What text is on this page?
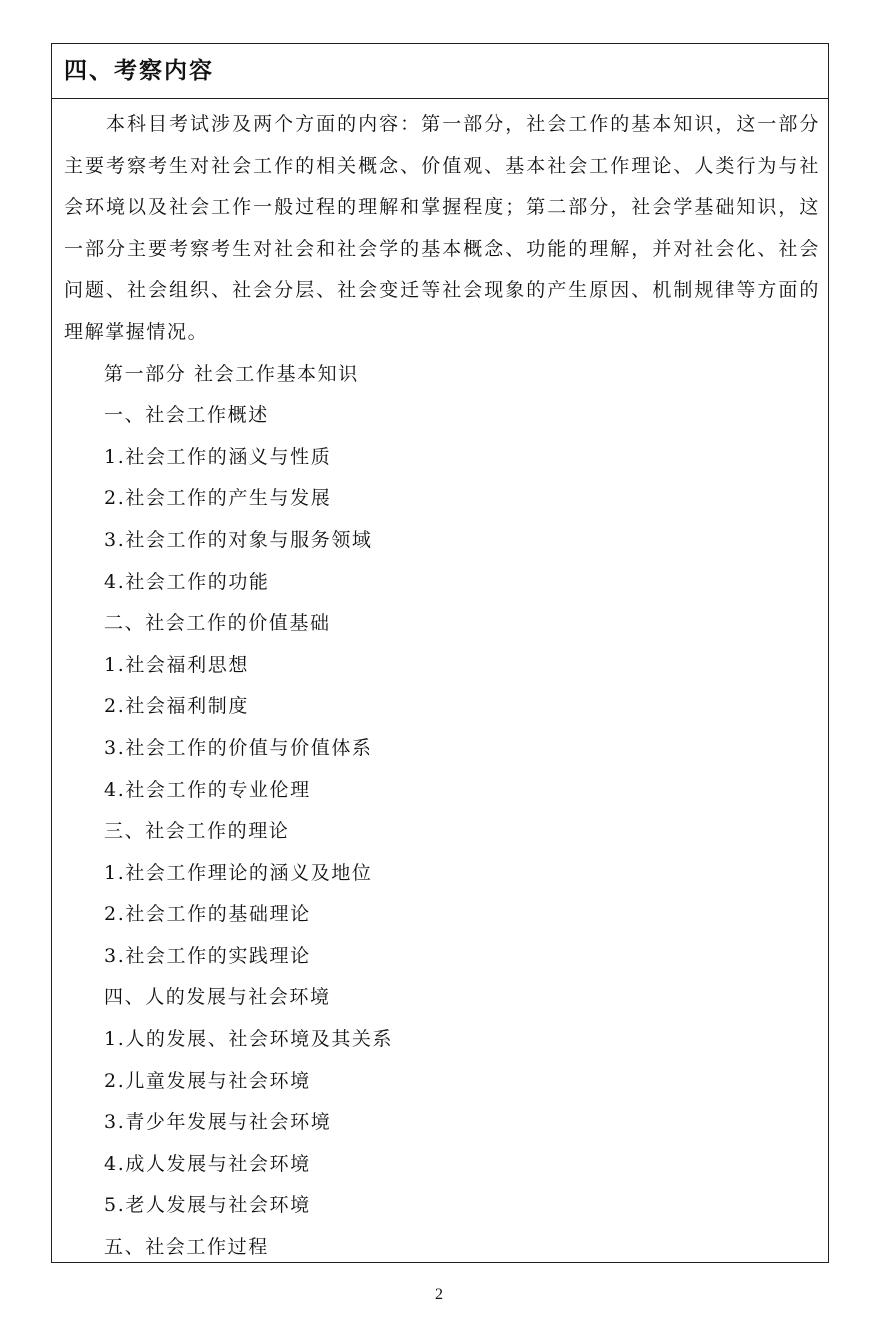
四、考察内容

本科目考试涉及两个方面的内容：第一部分，社会工作的基本知识，这一部分主要考察考生对社会工作的相关概念、价值观、基本社会工作理论、人类行为与社会环境以及社会工作一般过程的理解和掌握程度；第二部分，社会学基础知识，这一部分主要考察考生对社会和社会学的基本概念、功能的理解，并对社会化、社会问题、社会组织、社会分层、社会变迁等社会现象的产生原因、机制规律等方面的理解掌握情况。

第一部分 社会工作基本知识
一、社会工作概述
1.社会工作的涵义与性质
2.社会工作的产生与发展
3.社会工作的对象与服务领域
4.社会工作的功能
二、社会工作的价值基础
1.社会福利思想
2.社会福利制度
3.社会工作的价值与价值体系
4.社会工作的专业伦理
三、社会工作的理论
1.社会工作理论的涵义及地位
2.社会工作的基础理论
3.社会工作的实践理论
四、人的发展与社会环境
1.人的发展、社会环境及其关系
2.儿童发展与社会环境
3.青少年发展与社会环境
4.成人发展与社会环境
5.老人发展与社会环境
五、社会工作过程
2
